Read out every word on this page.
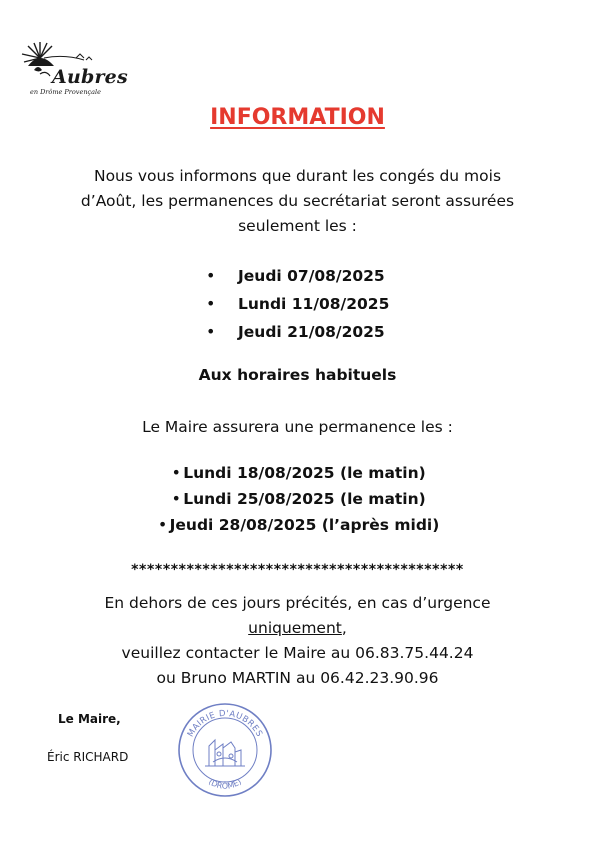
Aubres
en Drôme Provençale
INFORMATION
Nous vous informons que durant les congés du mois
d’Août, les permanences du secrétariat seront assurées
seulement les :
• Jeudi 07/08/2025
• Lundi 11/08/2025
• Jeudi 21/08/2025
Aux horaires habituels
Le Maire assurera une permanence les :
• Lundi 18/08/2025 (le matin)
• Lundi 25/08/2025 (le matin)
• Jeudi 28/08/2025 (l’après midi)
******************************************
En dehors de ces jours précités, en cas d’urgence
uniquement,
veuillez contacter le Maire au 06.83.75.44.24
ou Bruno MARTIN au 06.42.23.90.96
Le Maire,
Éric RICHARD
MAIRIE D'AUBRES
(DRÔME)
